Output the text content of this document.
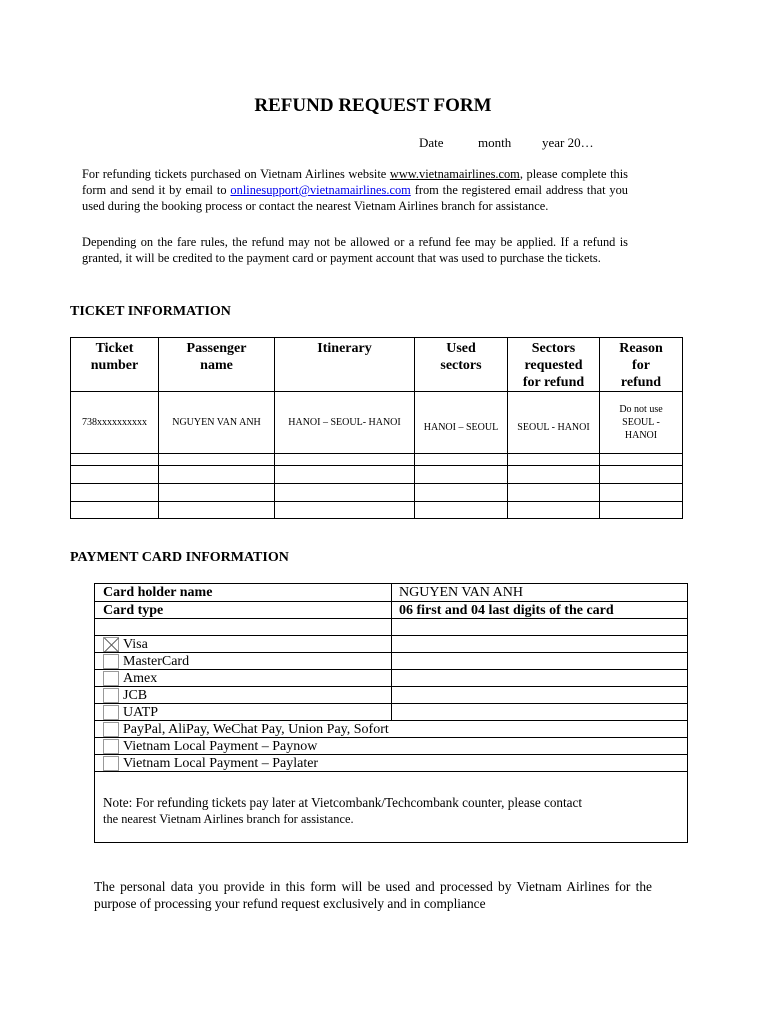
REFUND REQUEST FORM
Date	month year 20…

For refunding tickets purchased on Vietnam Airlines website www.vietnamairlines.com, please complete this form and send it by email to onlinesupport@vietnamairlines.com from the registered email address that you used during the booking process or contact the nearest Vietnam Airlines branch for assistance.

Depending on the fare rules, the refund may not be allowed or a refund fee may be applied. If a refund is granted, it will be credited to the payment card or payment account that was used to purchase the tickets.

TICKET INFORMATION
Ticket number	Passenger name	Itinerary	Used sectors	Sectors requested for refund	Reason for refund
738xxxxxxxxxx	NGUYEN VAN ANH	HANOI – SEOUL- HANOI	HANOI – SEOUL	SEOUL - HANOI	Do not use SEOUL - HANOI

PAYMENT CARD INFORMATION
Card holder name	NGUYEN VAN ANH
Card type	06 first and 04 last digits of the card
Visa
MasterCard
Amex
JCB
UATP
PayPal, AliPay, WeChat Pay, Union Pay, Sofort
Vietnam Local Payment – Paynow
Vietnam Local Payment – Paylater
Note: For refunding tickets pay later at Vietcombank/Techcombank counter, please contact
the nearest Vietnam Airlines branch for assistance.

The personal data you provide in this form will be used and processed by Vietnam Airlines for the purpose of processing your refund request exclusively and in compliance
